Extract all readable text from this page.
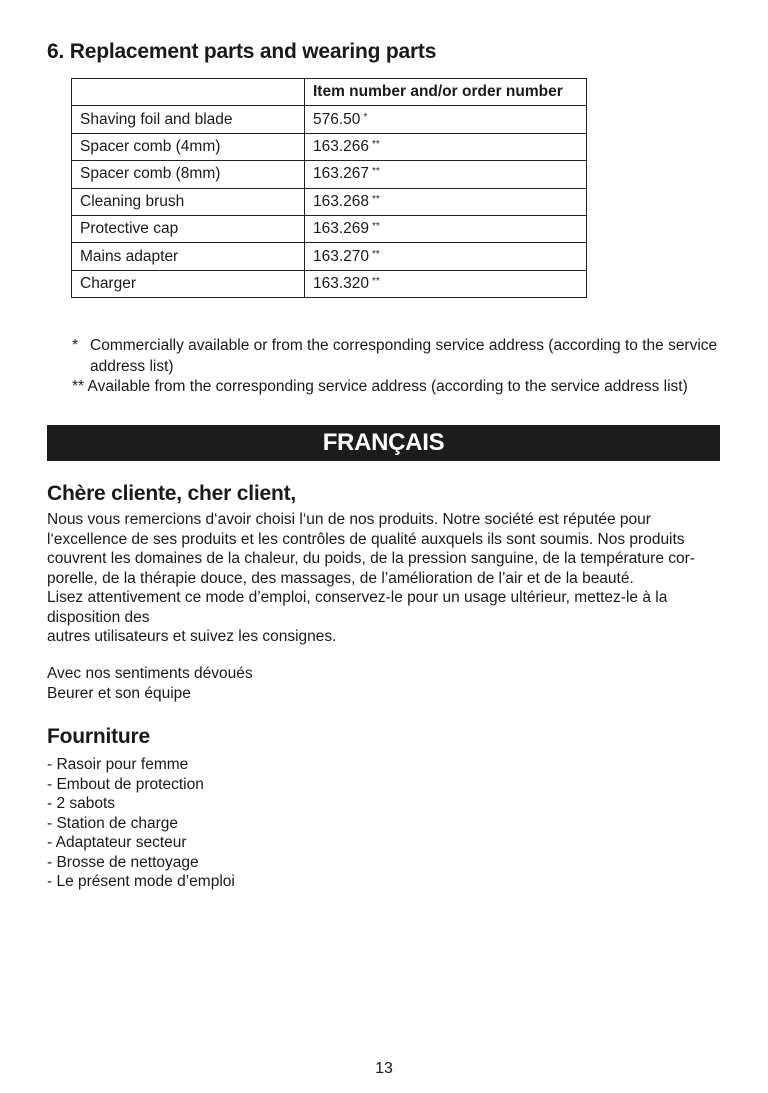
6. Replacement parts and wearing parts
	Item number and/or order number
Shaving foil and blade	576.50 *
Spacer comb (4mm)	163.266 **
Spacer comb (8mm)	163.267 **
Cleaning brush	163.268 **
Protective cap	163.269 **
Mains adapter	163.270 **
Charger	163.320 **
* Commercially available or from the corresponding service address (according to the service address list)
** Available from the corresponding service address (according to the service address list)
FRANÇAIS
Chère cliente, cher client,

Nous vous remercions d‘avoir choisi l‘un de nos produits. Notre société est réputée pour

l‘excellence de ses produits et les contrôles de qualité auxquels ils sont soumis. Nos produits

couvrent les domaines de la chaleur, du poids, de la pression sanguine, de la température cor-

porelle, de la thérapie douce, des massages, de l’amélioration de l’air et de la beauté.

Lisez attentivement ce mode d’emploi, conservez-le pour un usage ultérieur, mettez-le à la

disposition des

autres utilisateurs et suivez les consignes.

Avec nos sentiments dévoués

Beurer et son équipe

Fourniture
- Rasoir pour femme
- Embout de protection
- 2 sabots
- Station de charge
- Adaptateur secteur
- Brosse de nettoyage
- Le présent mode d’emploi
13
